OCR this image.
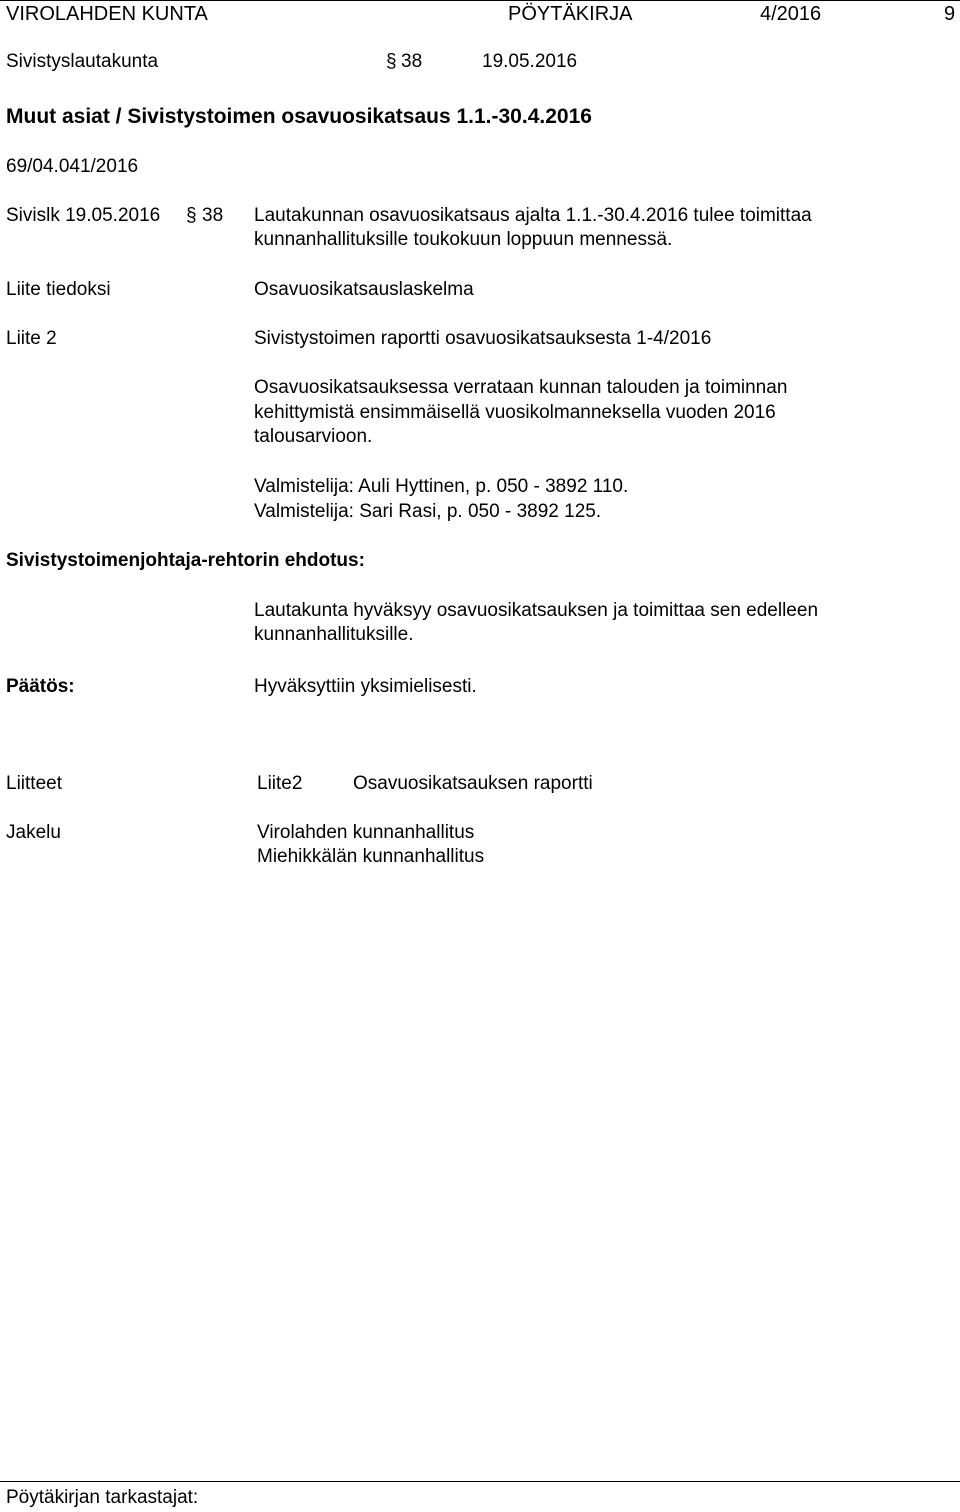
VIROLAHDEN KUNTA	PÖYTÄKIRJA	4/2016	9
Sivistyslautakunta	§ 38	19.05.2016
Muut asiat / Sivistystoimen osavuosikatsaus 1.1.-30.4.2016
69/04.041/2016
Sivislk 19.05.2016 § 38 Lautakunnan osavuosikatsaus ajalta 1.1.-30.4.2016 tulee toimittaa
kunnanhallituksille toukokuun loppuun mennessä.
Liite tiedoksi	Osavuosikatsauslaskelma
Liite 2	Sivistystoimen raportti osavuosikatsauksesta 1-4/2016
Osavuosikatsauksessa verrataan kunnan talouden ja toiminnan
kehittymistä ensimmäisellä vuosikolmanneksella vuoden 2016
talousarvioon.
Valmistelija: Auli Hyttinen, p. 050 - 3892 110.
Valmistelija: Sari Rasi, p. 050 - 3892 125.
Sivistystoimenjohtaja-rehtorin ehdotus:
Lautakunta hyväksyy osavuosikatsauksen ja toimittaa sen edelleen
kunnanhallituksille.
Päätös:	Hyväksyttiin yksimielisesti.
Liitteet	Liite2	Osavuosikatsauksen raportti
Jakelu	Virolahden kunnanhallitus
Miehikkälän kunnanhallitus
Pöytäkirjan tarkastajat:
